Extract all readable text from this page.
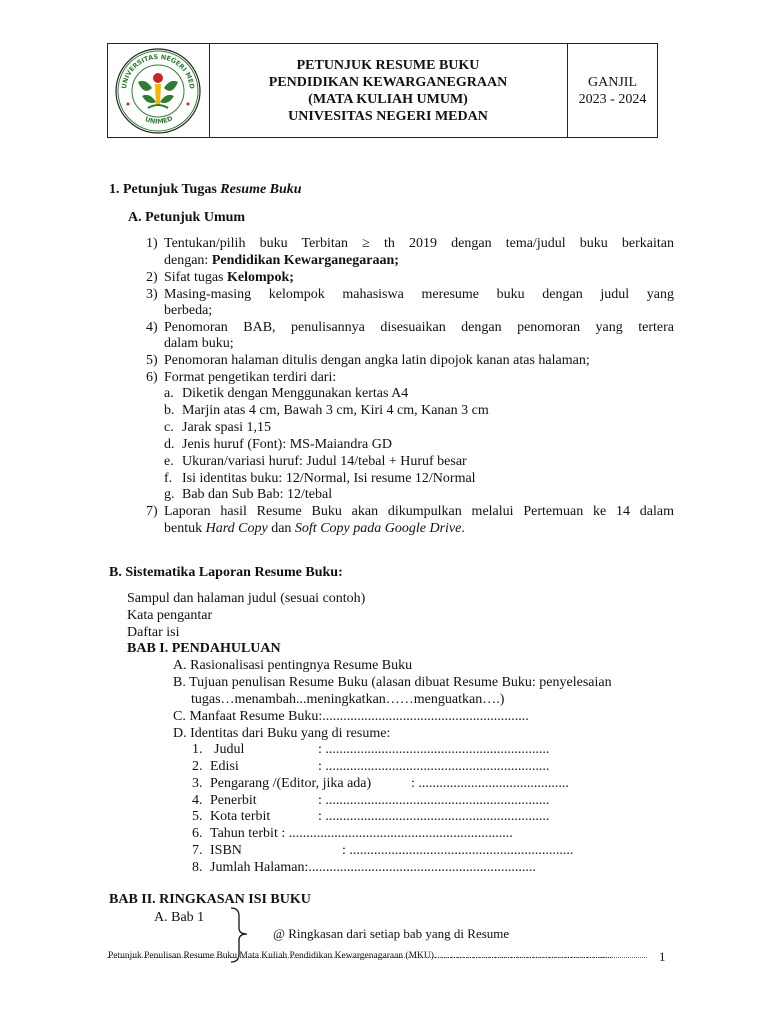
UNIVERSITAS NEGERI MED
UNIMED
PETUNJUK RESUME BUKU
PENDIDIKAN KEWARGANEGRAAN
(MATA KULIAH UMUM)
UNIVESITAS NEGERI MEDAN
GANJIL
2023 - 2024
1. Petunjuk Tugas Resume Buku
A. Petunjuk Umum
1) Tentukan/pilih buku Terbitan ≥ th 2019 dengan tema/judul buku berkaitan
dengan: Pendidikan Kewarganegaraan;
2) Sifat tugas Kelompok;
3) Masing-masing kelompok mahasiswa meresume buku dengan judul yang
berbeda;
4) Penomoran BAB, penulisannya disesuaikan dengan penomoran yang tertera
dalam buku;
5) Penomoran halaman ditulis dengan angka latin dipojok kanan atas halaman;
6) Format pengetikan terdiri dari:
a. Diketik dengan Menggunakan kertas A4
b. Marjin atas 4 cm, Bawah 3 cm, Kiri 4 cm, Kanan 3 cm
c. Jarak spasi 1,15
d. Jenis huruf (Font): MS-Maiandra GD
e. Ukuran/variasi huruf: Judul 14/tebal + Huruf besar
f. Isi identitas buku: 12/Normal, Isi resume 12/Normal
g. Bab dan Sub Bab: 12/tebal
7) Laporan hasil Resume Buku akan dikumpulkan melalui Pertemuan ke 14 dalam
bentuk Hard Copy dan Soft Copy pada Google Drive.
B. Sistematika Laporan Resume Buku:
Sampul dan halaman judul (sesuai contoh)
Kata pengantar
Daftar isi
BAB I. PENDAHULUAN
A. Rasionalisasi pentingnya Resume Buku
B. Tujuan penulisan Resume Buku (alasan dibuat Resume Buku: penyelesaian
tugas…menambah...meningkatkan……menguatkan….)
C. Manfaat Resume Buku:...........................................................
D. Identitas dari Buku yang di resume:
1. Judul	: ................................................................
2. Edisi	: ................................................................
3. Pengarang /(Editor, jika ada)	: ...........................................
4. Penerbit	: ................................................................
5. Kota terbit	: ................................................................
6. Tahun terbit : ................................................................
7. ISBN	: ................................................................
8. Jumlah Halaman:.................................................................
BAB II. RINGKASAN ISI BUKU
A. Bab 1
@ Ringkasan dari setiap bab yang di Resume
Petunjuk Penulisan Resume Buku Mata Kuliah Pendidikan Kewargenagaraan (MKU)…………………………………………….......	1
